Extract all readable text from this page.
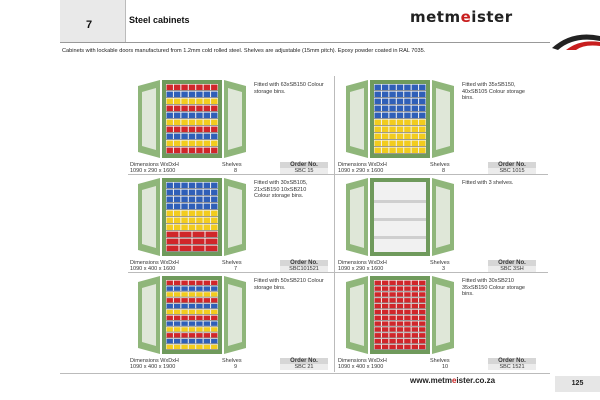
7	Steel cabinets	metmeister
Cabinets with lockable doors manufactured from 1.2mm cold rolled steel. Shelves are adjustable (15mm pitch). Epoxy powder coated in RAL 7035.
Fitted with 63xSB150 Colour storage bins.
Dimensions WxDxH
1090 x 290 x 1600
Shelves
8
Order No.
SBC 15
Fitted with 35xSB150, 40xSB105 Colour storage bins.
Dimensions WxDxH
1090 x 290 x 1600
Shelves
8
Order No.
SBC 1015
Fitted with 30xSB105, 21xSB150 10xSB210 Colour storage bins.
Dimensions WxDxH
1090 x 400 x 1600
Shelves
7
Order No.
SBC101521
Fitted with 3 shelves.
Dimensions WxDxH
1090 x 290 x 1600
Shelves
3
Order No.
SBC 3SH
Fitted with 50xSB210 Colour storage bins.
Dimensions WxDxH
1090 x 400 x 1900
Shelves
9
Order No.
SBC 21
Fitted with 30xSB210 35xSB150 Colour storage bins.
Dimensions WxDxH
1090 x 400 x 1900
Shelves
10
Order No.
SBC 1521
www.metmeister.co.za	125
